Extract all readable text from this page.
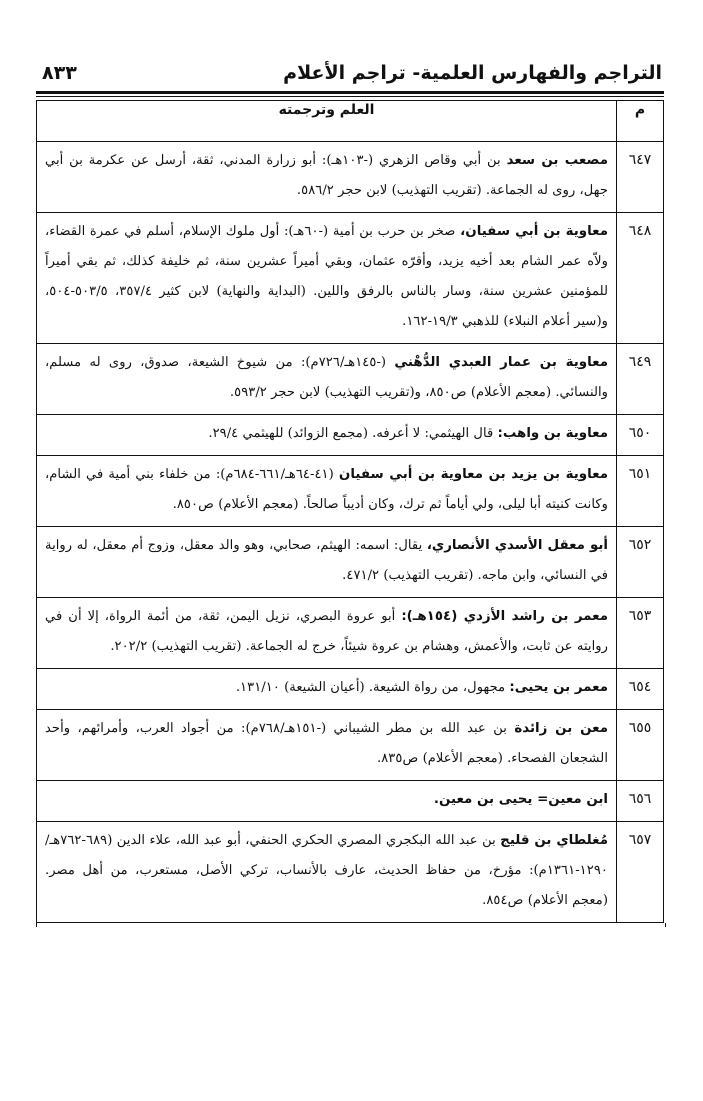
التراجم والفهارس العلمية- تراجم الأعلام
٨٣٣
م	العلم وترجمته
٦٤٧	مصعب بن سعد بن أبي وقاص الزهري (-١٠٣هـ): أبو زرارة المدني، ثقة، أرسل عن عكرمة بن أبي جهل، روى له الجماعة. (تقريب التهذيب) لابن حجر ٥٨٦/٢.
٦٤٨	معاوية بن أبي سفيان، صخر بن حرب بن أمية (-٦٠هـ): أول ملوك الإسلام، أسلم في عمرة القضاء، ولاّه عمر الشام بعد أخيه يزيد، وأقرّه عثمان، وبقي أميراً عشرين سنة، ثم خليفة كذلك، ثم بقي أميراً للمؤمنين عشرين سنة، وسار بالناس بالرفق واللين. (البداية والنهاية) لابن كثير ٣٥٧/٤، ٥٠٣/٥-٥٠٤، و(سير أعلام النبلاء) للذهبي ١٩/٣-١٦٢.
٦٤٩	معاوية بن عمار العبدي الدُّهْني (-١٤٥هـ/٧٢٦م): من شيوخ الشيعة، صدوق، روى له مسلم، والنسائي. (معجم الأعلام) ص٨٥٠، و(تقريب التهذيب) لابن حجر ٥٩٣/٢.
٦٥٠	معاوية بن واهب: قال الهيثمي: لا أعرفه. (مجمع الزوائد) للهيثمي ٢٩/٤.
٦٥١	معاوية بن يزيد بن معاوية بن أبي سفيان (٤١-٦٤هـ/٦٦١-٦٨٤م): من خلفاء بني أمية في الشام، وكانت كنيته أبا ليلى، ولي أياماً ثم ترك، وكان أديباً صالحاً. (معجم الأعلام) ص٨٥٠.
٦٥٢	أبو معقل الأسدي الأنصاري، يقال: اسمه: الهيثم، صحابي، وهو والد معقل، وزوج أم معقل، له رواية في النسائي، وابن ماجه. (تقريب التهذيب) ٤٧١/٢.
٦٥٣	معمر بن راشد الأزدي (١٥٤هـ): أبو عروة البصري، نزيل اليمن، ثقة، من أئمة الرواة، إلا أن في روايته عن ثابت، والأعمش، وهشام بن عروة شيئاً، خرج له الجماعة. (تقريب التهذيب) ٢٠٢/٢.
٦٥٤	معمر بن يحيى: مجهول، من رواة الشيعة. (أعيان الشيعة) ١٣١/١٠.
٦٥٥	معن بن زائدة بن عبد الله بن مطر الشيباني (-١٥١هـ/٧٦٨م): من أجواد العرب، وأمرائهم، وأحد الشجعان الفصحاء. (معجم الأعلام) ص٨٣٥.
٦٥٦	ابن معين= يحيى بن معين.
٦٥٧	مُغلطاي بن قليج بن عبد الله البكجري المصري الحكري الحنفي، أبو عبد الله، علاء الدين (٦٨٩-٧٦٢هـ/١٢٩٠-١٣٦١م): مؤرخ، من حفاظ الحديث، عارف بالأنساب، تركي الأصل، مستعرب، من أهل مصر. (معجم الأعلام) ص٨٥٤.
